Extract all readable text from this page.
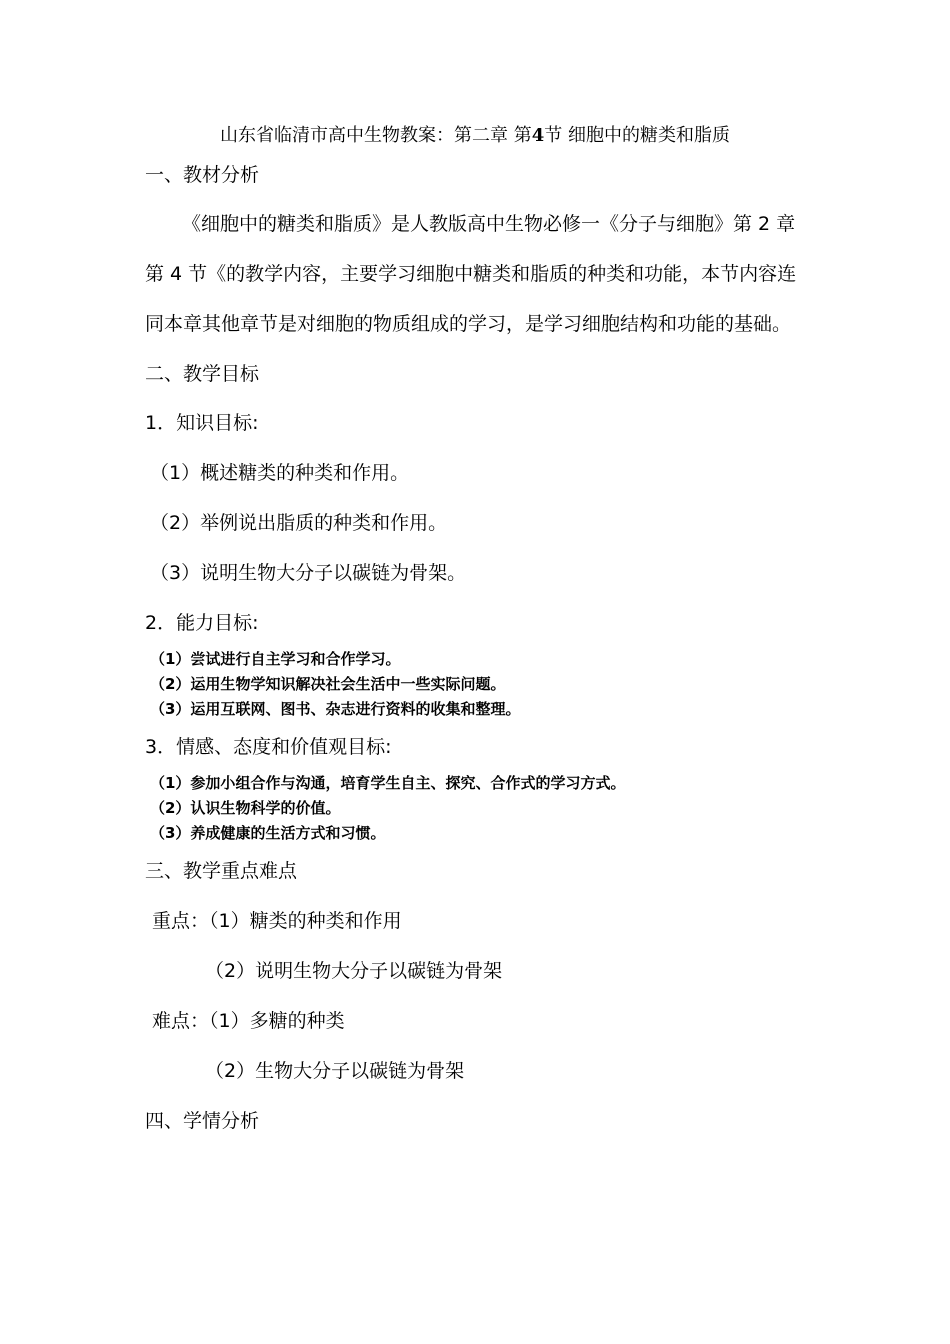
山东省临清市高中生物教案：第二章 第4节 细胞中的糖类和脂质
一、教材分析
《细胞中的糖类和脂质》是人教版高中生物必修一《分子与细胞》第 2 章
第 4 节《的教学内容，主要学习细胞中糖类和脂质的种类和功能，本节内容连
同本章其他章节是对细胞的物质组成的学习，是学习细胞结构和功能的基础。
二、教学目标
1．知识目标:
（1）概述糖类的种类和作用。
（2）举例说出脂质的种类和作用。
（3）说明生物大分子以碳链为骨架。
2．能力目标:
（1）尝试进行自主学习和合作学习。
（2）运用生物学知识解决社会生活中一些实际问题。
（3）运用互联网、图书、杂志进行资料的收集和整理。
3．情感、态度和价值观目标:
（1）参加小组合作与沟通，培育学生自主、探究、合作式的学习方式。
（2）认识生物科学的价值。
（3）养成健康的生活方式和习惯。
三、教学重点难点
重点：（1）糖类的种类和作用
（2）说明生物大分子以碳链为骨架
难点：（1）多糖的种类
（2）生物大分子以碳链为骨架
四、学情分析
